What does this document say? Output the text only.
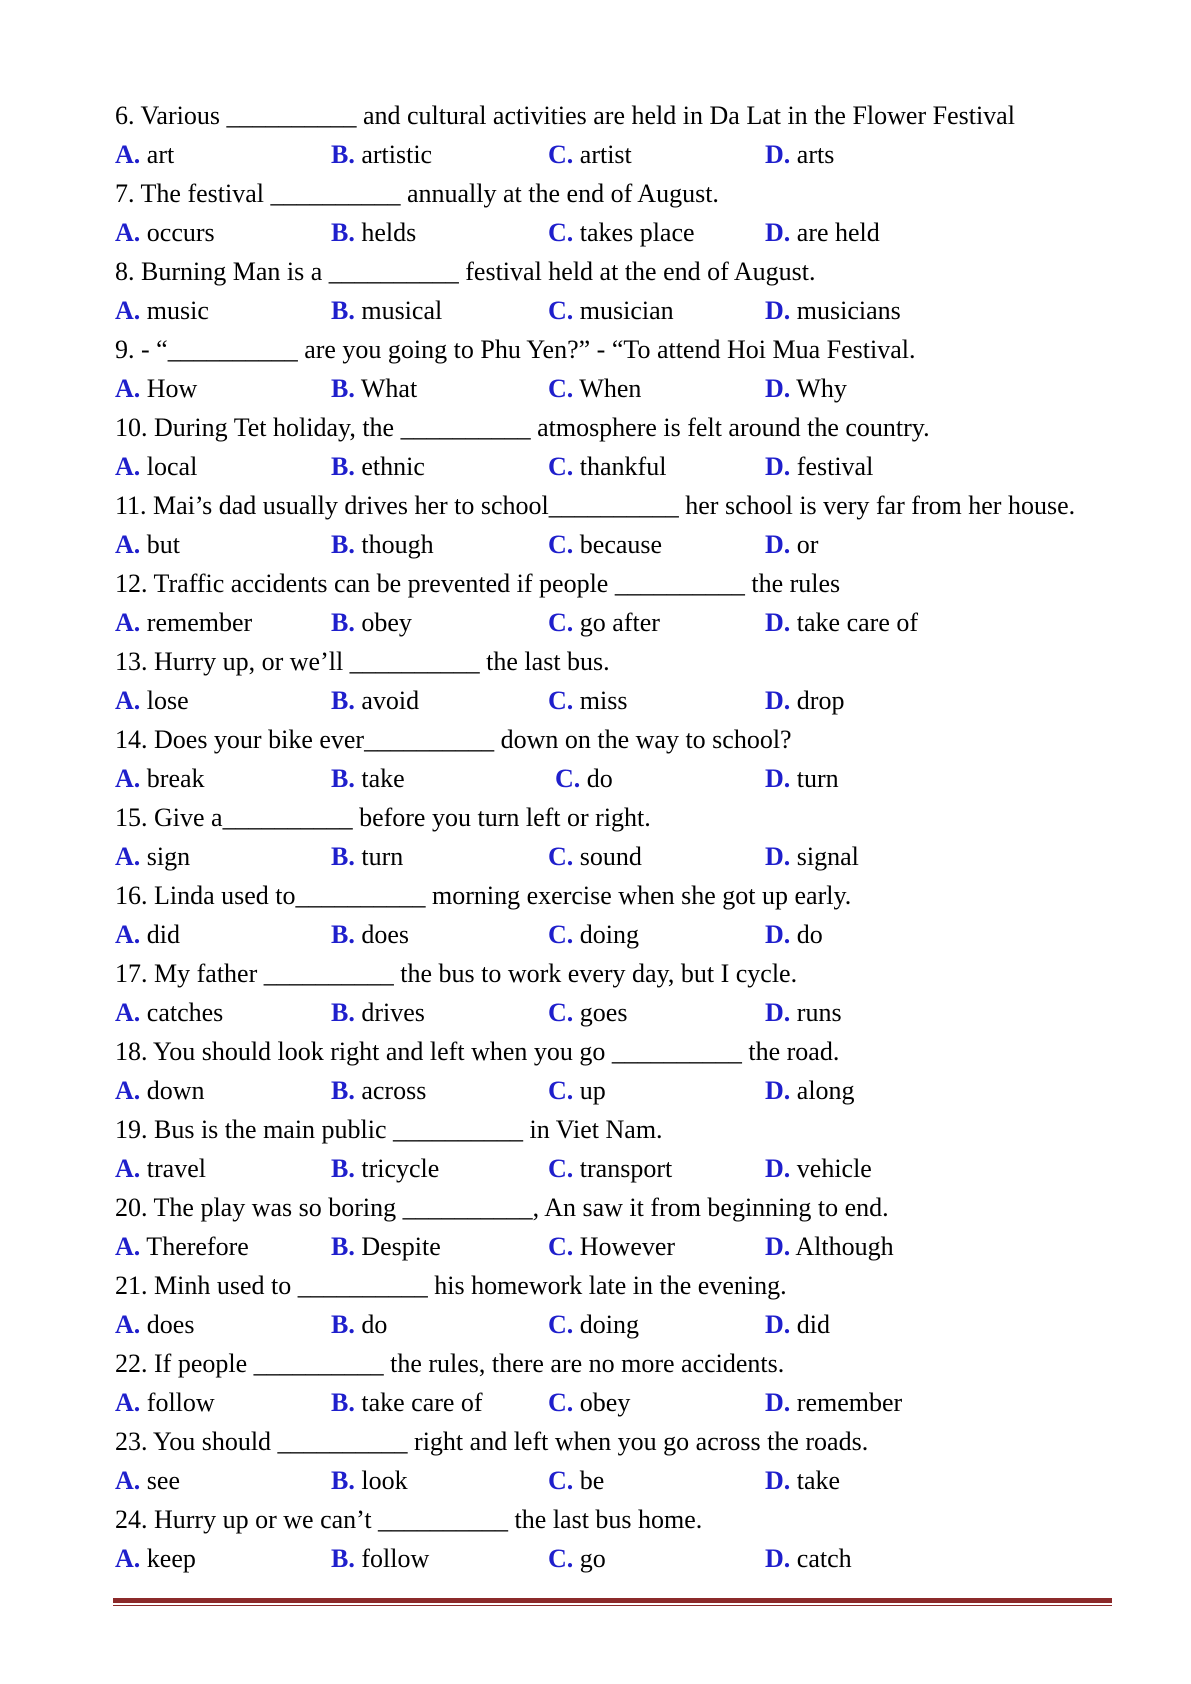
6. Various __________ and cultural activities are held in Da Lat in the Flower Festival
A. art	B. artistic	C. artist	D. arts
7. The festival __________ annually at the end of August.
A. occurs	B. helds	C. takes place	D. are held
8. Burning Man is a __________ festival held at the end of August.
A. music	B. musical	C. musician	D. musicians
9. - “__________ are you going to Phu Yen?” - “To attend Hoi Mua Festival.
A. How	B. What	C. When	D. Why
10. During Tet holiday, the __________ atmosphere is felt around the country.
A. local	B. ethnic	C. thankful	D. festival
11. Mai’s dad usually drives her to school__________ her school is very far from her house.
A. but	B. though	C. because	D. or
12. Traffic accidents can be prevented if people __________ the rules
A. remember	B. obey	C. go after	D. take care of
13. Hurry up, or we’ll __________ the last bus.
A. lose	B. avoid	C. miss	D. drop
14. Does your bike ever__________ down on the way to school?
A. break	B. take	C. do	D. turn
15. Give a__________ before you turn left or right.
A. sign	B. turn	C. sound	D. signal
16. Linda used to__________ morning exercise when she got up early.
A. did	B. does	C. doing	D. do
17. My father __________ the bus to work every day, but I cycle.
A. catches	B. drives	C. goes	D. runs
18. You should look right and left when you go __________ the road.
A. down	B. across	C. up	D. along
19. Bus is the main public __________ in Viet Nam.
A. travel	B. tricycle	C. transport	D. vehicle
20. The play was so boring __________, An saw it from beginning to end.
A. Therefore	B. Despite	C. However	D. Although
21. Minh used to __________ his homework late in the evening.
A. does	B. do	C. doing	D. did
22. If people __________ the rules, there are no more accidents.
A. follow	B. take care of	C. obey	D. remember
23. You should __________ right and left when you go across the roads.
A. see	B. look	C. be	D. take
24. Hurry up or we can’t __________ the last bus home.
A. keep	B. follow	C. go	D. catch
